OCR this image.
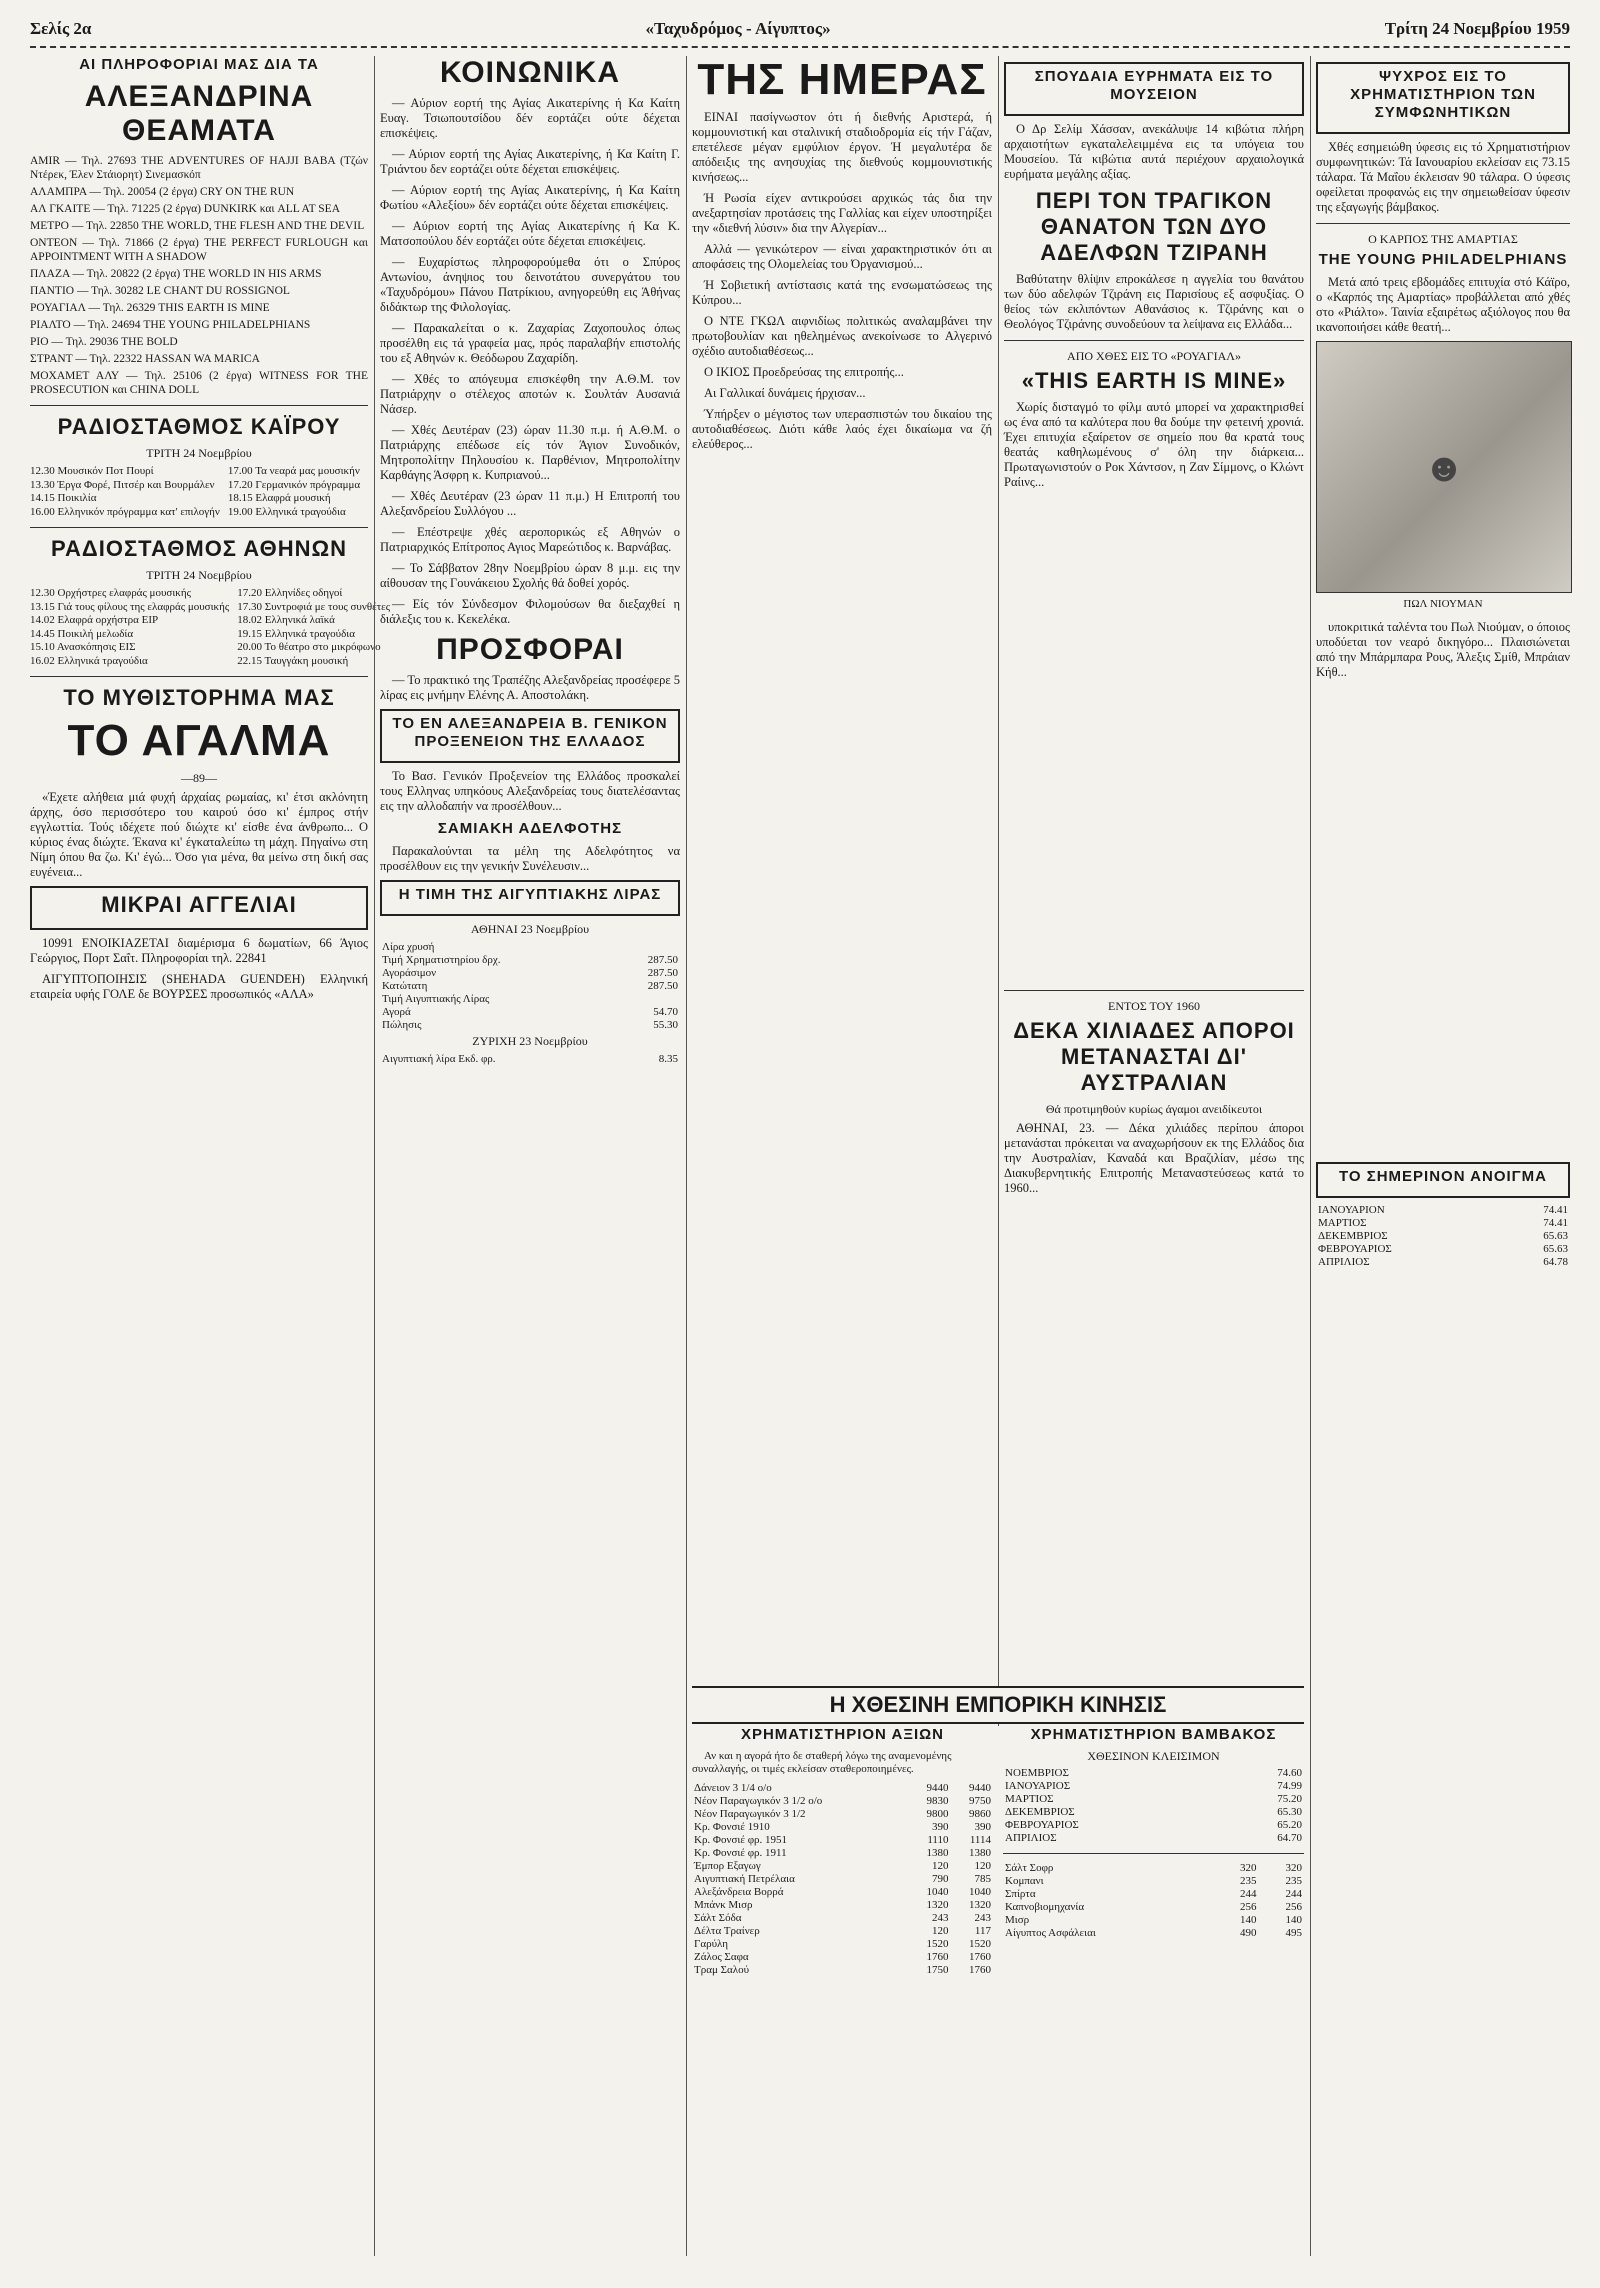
Σελίς 2α	«Ταχυδρόμος - Αίγυπτος»	Τρίτη 24 Νοεμβρίου 1959
ΑΙ ΠΛΗΡΟΦΟΡΙΑΙ ΜΑΣ ΔΙΑ ΤΑ
ΑΛΕΞΑΝΔΡΙΝΑ ΘΕΑΜΑΤΑ
AMIR — Τηλ. 27693 THE ADVENTURES OF HAJJI BABA (Τζών Ντέρεκ, Έλεν Στάιορητ) Σινεμασκόπ
ΑΛΑΜΠΡΑ — Τηλ. 20054 (2 έργα) CRY ON THE RUN
ΑΛ ΓΚΑΙΤΕ — Τηλ. 71225 (2 έργα) DUNKIRK και ALL AT SEA
ΜΕΤΡΟ — Τηλ. 22850 THE WORLD, THE FLESH AND THE DEVIL
ΟΝΤΕΟΝ — Τηλ. 71866 (2 έργα) THE PERFECT FURLOUGH και APPOINTMENT WITH A SHADOW
ΠΛΑΖΑ — Τηλ. 20822 (2 έργα) THE WORLD IN HIS ARMS
ΠΑΝΤΙΟ — Τηλ. 30282 LE CHANT DU ROSSIGNOL
ΡΟΥΑΓΙΑΛ — Τηλ. 26329 THIS EARTH IS MINE
ΡΙΑΛΤΟ — Τηλ. 24694 THE YOUNG PHILADELPHIANS
ΡΙΟ — Τηλ. 29036 THE BOLD
ΣΤΡΑΝΤ — Τηλ. 22322 HASSAN WA MARICA
ΜΟΧΑΜΕΤ ΑΛΥ — Τηλ. 25106 (2 έργα) WITNESS FOR THE PROSECUTION και CHINA DOLL
ΡΑΔΙΟΣΤΑΘΜΟΣ ΚΑΪΡΟΥ
ΤΡΙΤΗ 24 Νοεμβρίου
12.30 Μουσικόν Ποτ Πουρί	17.00 Τα νεαρά μας μουσικήν
13.30 Έργα Φορέ, Πιτσέρ και Βουρμάλεν	17.20 Γερμανικόν πρόγραμμα
14.15 Ποικιλία	18.15 Ελαφρά μουσική
16.00 Ελληνικόν πρόγραμμα κατ' επιλογήν 19.00 Ελληνικά τραγούδια
ΡΑΔΙΟΣΤΑΘΜΟΣ ΑΘΗΝΩΝ
ΤΡΙΤΗ 24 Νοεμβρίου
12.30 Ορχήστρες ελαφράς μουσικής	17.20 Ελληνίδες οδηγοί
13.15 Γιά τους φίλους της ελαφράς μουσικής 17.30 Συντροφιά με τους συνθέτες
14.02 Ελαφρά ορχήστρα EIP	18.02 Ελληνικά λαϊκά
14.45 Ποικιλή μελωδία	19.15 Ελληνικά τραγούδια
15.10 Ανασκόπησις ΕΙΣ	20.00 Το θέατρο στο μικρόφωνο
16.02 Ελληνικά τραγούδια	22.15 Ταυγγάκη μουσική
ΤΟ ΜΥΘΙΣΤΟΡΗΜΑ ΜΑΣ
ΤΟ ΑΓΑΛΜΑ
—89—

«Έχετε αλήθεια μιά φυχή άρχαίας ρωμαίας, κι' έτσι ακλόνητη άρχης, όσο περισσότερο του καιρού όσο κι' έμπρος στήν εγγλωττία. Τούς ιδέχετε πού διώχτε κι' είσθε ένα άνθρωπο... Ο κύριος ένας διώχτε. Έκανα κι' έγκαταλείπω τη μάχη. Πηγαίνω στη Νίμη όπου θα ζω. Κι' έγώ... Όσο για μένα, θα μείνω στη δική σας ευγένεια...

ΜΙΚΡΑΙ ΑΓΓΕΛΙΑΙ

10991 ΕΝΟΙΚΙΑΖΕΤΑΙ διαμέρισμα 6 δωματίων, 66 Άγιος Γεώργιος, Πορτ Σαΐτ. Πληροφορίαι τηλ. 22841

ΑΙΓΥΠΤΟΠΟΙΗΣΙΣ (SHEHADA GUENDEH) Ελληνική εταιρεία υφής ΓΟΛΕ δε ΒΟΥΡΣΕΣ προσωπικός «ΑΛΑ»

ΚΟΙΝΩΝΙΚΑ

— Αύριον εορτή της Αγίας Αικατερίνης ή Κα Καίτη Ευαγ. Τσιωπουτσίδου δέν εορτάζει ούτε δέχεται επισκέψεις.

— Αύριον εορτή της Αγίας Αικατερίνης, ή Κα Καίτη Γ. Τριάντου δεν εορτάζει ούτε δέχεται επισκέψεις.

— Αύριον εορτή της Αγίας Αικατερίνης, ή Κα Καίτη Φωτίου «Αλεξίου» δέν εορτάζει ούτε δέχεται επισκέψεις.

— Αύριον εορτή της Αγίας Αικατερίνης ή Κα Κ. Ματσοπούλου δέν εορτάζει ούτε δέχεται επισκέψεις.

— Ευχαρίστως πληροφορούμεθα ότι ο Σπύρος Αντωνίου, άνηψιος του δεινοτάτου συνεργάτου του «Ταχυδρόμου» Πάνου Πατρίκιου, ανηγορεύθη εις Άθήνας διδάκτωρ της Φιλολογίας.

— Παρακαλείται ο κ. Ζαχαρίας Ζαχοπουλος όπως προσέλθη εις τά γραφεία μας, πρός παραλαβήν επιστολής του εξ Αθηνών κ. Θεόδωρου Ζαχαρίδη.

— Χθές το απόγευμα επισκέφθη την Α.Θ.Μ. τον Πατριάρχην ο στέλεχος αποτών κ. Σουλτάν Αυσανιά Νάσερ.

— Χθές Δευτέραν (23) ώραν 11.30 π.μ. ή Α.Θ.Μ. ο Πατριάρχης επέδωσε είς τόν Άγιον Συνοδικόν, Μητροπολίτην Πηλουσίου κ. Παρθένιον, Μητροπολίτην Καρθάγης Άσφρη κ. Κυπριανού...

— Χθές Δευτέραν (23 ώραν 11 π.μ.) Η Επιτροπή του Αλεξανδρείου Συλλόγου ...

— Επέστρεψε χθές αεροπορικώς εξ Αθηνών ο Πατριαρχικός Επίτροπος Αγιος Μαρεώτιδος κ. Βαρνάβας.

— Το Σάββατον 28ην Νοεμβρίου ώραν 8 μ.μ. εις την αίθουσαν της Γουνάκειου Σχολής θά δοθεί χορός.

— Είς τόν Σύνδεσμον Φιλομούσων θα διεξαχθεί η διάλεξις του κ. Κεκελέκα.

ΠΡΟΣΦΟΡΑΙ

— Το πρακτικό της Τραπέζης Αλεξανδρείας προσέφερε 5 λίρας εις μνήμην Ελένης Α. Αποστολάκη.

ΤΟ ΕΝ ΑΛΕΞΑΝΔΡΕΙΑ Β. ΓΕΝΙΚΟΝ ΠΡΟΞΕΝΕΙΟΝ ΤΗΣ ΕΛΛΑΔΟΣ

Το Βασ. Γενικόν Προξενείον της Ελλάδος προσκαλεί τους Ελληνας υπηκόους Αλεξανδρείας τους διατελέσαντας εις την αλλοδαπήν να προσέλθουν...

ΣΑΜΙΑΚΗ ΑΔΕΛΦΟΤΗΣ

Παρακαλούνται τα μέλη της Αδελφότητος να προσέλθουν εις την γενικήν Συνέλευσιν...

Η ΤΙΜΗ ΤΗΣ ΑΙΓΥΠΤΙΑΚΗΣ ΛΙΡΑΣ
ΑΘΗΝΑΙ 23 Νοεμβρίου
Λίρα χρυσή	
Τιμή Χρηματιστηρίου δρχ.	287.50
Αγοράσιμον	287.50
Κατώτατη	287.50
Τιμή Αιγυπτιακής Λίρας	
Αγορά	54.70
Πώλησις	55.30
ΖΥΡΙΧΗ 23 Νοεμβρίου
Αιγυπτιακή λίρα Εκδ. φρ.	8.35
ΤΗΣ ΗΜΕΡΑΣ

ΕΙΝΑΙ πασίγνωστον ότι ή διεθνής Αριστερά, ή κομμουνιστική και σταλινική σταδιοδρομία είς τήν Γάζαν, επετέλεσε μέγαν εμφύλιον έργον. Ή μεγαλυτέρα δε απόδειξις της ανησυχίας της διεθνούς κομμουνιστικής κινήσεως...

Ή Ρωσία είχεν αντικρούσει αρχικώς τάς δια την ανεξαρτησίαν προτάσεις της Γαλλίας και είχεν υποστηρίξει την «διεθνή λύσιν» δια την Αλγερίαν...

Αλλά — γενικώτερον — είναι χαρακτηριστικόν ότι αι αποφάσεις της Ολομελείας του Όργανισμού...

Ή Σοβιετική αντίστασις κατά της ενσωματώσεως της Κύπρου...

Ο ΝΤΕ ΓΚΩΛ αιφνιδίως πολιτικώς αναλαμβάνει την πρωτοβουλίαν και ηθελημένως ανεκοίνωσε το Αλγερινό σχέδιο αυτοδιαθέσεως...

Ο ΙΚΙΟΣ Προεδρεύσας της επιτροπής...

Αι Γαλλικαί δυνάμεις ήρχισαν...

Ύπήρξεν ο μέγιστος των υπερασπιστών του δικαίου της αυτοδιαθέσεως. Διότι κάθε λαός έχει δικαίωμα να ζή ελεύθερος...

ΣΠΟΥΔΑΙΑ ΕΥΡΗΜΑΤΑ ΕΙΣ ΤΟ ΜΟΥΣΕΙΟΝ

Ο Δρ Σελίμ Χάσσαν, ανεκάλυψε 14 κιβώτια πλήρη αρχαιοτήτων εγκαταλελειμμένα εις τα υπόγεια του Μουσείου. Τά κιβώτια αυτά περιέχουν αρχαιολογικά ευρήματα μεγάλης αξίας.

ΠΕΡΙ ΤΟΝ ΤΡΑΓΙΚΟΝ ΘΑΝΑΤΟΝ ΤΩΝ ΔΥΟ ΑΔΕΛΦΩΝ ΤΖΙΡΑΝΗ

Βαθύτατην θλίψιν επροκάλεσε η αγγελία του θανάτου των δύο αδελφών Τζιράνη εις Παρισίους εξ ασφυξίας. Ο θείος τών εκλιπόντων Αθανάσιος κ. Τζιράνης και ο Θεολόγος Τζιράνης συνοδεύουν τα λείψανα εις Ελλάδα...

ΑΠΟ ΧΘΕΣ ΕΙΣ ΤΟ «ΡΟΥΑΓΙΑΛ»
«THIS EARTH IS MINE»

Χωρίς δισταγμό το φίλμ αυτό μπορεί να χαρακτηρισθεί ως ένα από τα καλύτερα που θα δούμε την φετεινή χρονιά. Έχει επιτυχία εξαίρετον σε σημείο που θα κρατά τους θεατάς καθηλωμένους σ' όλη την διάρκεια... Πρωταγωνιστούν ο Ροκ Χάντσον, η Ζαν Σίμμονς, ο Κλώντ Ραίινς...

ΕΝΤΟΣ ΤΟΥ 1960
ΔΕΚΑ ΧΙΛΙΑΔΕΣ ΑΠΟΡΟΙ ΜΕΤΑΝΑΣΤΑΙ ΔΙ' ΑΥΣΤΡΑΛΙΑΝ
Θά προτιμηθούν κυρίως άγαμοι ανειδίκευτοι

ΑΘΗΝΑΙ, 23. — Δέκα χιλιάδες περίπου άποροι μετανάσται πρόκειται να αναχωρήσουν εκ της Ελλάδος δια την Αυστραλίαν, Καναδά και Βραζιλίαν, μέσω της Διακυβερνητικής Επιτροπής Μεταναστεύσεως κατά το 1960...

ΨΥΧΡΟΣ ΕΙΣ ΤΟ ΧΡΗΜΑΤΙΣΤΗΡΙΟΝ ΤΩΝ ΣΥΜΦΩΝΗΤΙΚΩΝ

Χθές εσημειώθη ύφεσις εις τό Χρηματιστήριον συμφωνητικών: Τά Ιανουαρίου εκλείσαν εις 73.15 τάλαρα. Τά Μαΐου έκλεισαν 90 τάλαρα. Ο ύφεσις οφείλεται προφανώς εις την σημειωθείσαν ύφεσιν της εξαγωγής βάμβακος.

Ο ΚΑΡΠΟΣ ΤΗΣ ΑΜΑΡΤΙΑΣ
THE YOUNG PHILADELPHIANS

Μετά από τρεις εβδομάδες επιτυχία στό Κάϊρο, ο «Καρπός της Αμαρτίας» προβάλλεται από χθές στο «Ριάλτο». Ταινία εξαιρέτως αξιόλογος που θα ικανοποιήσει κάθε θεατή...

☻
ΠΩΛ ΝΙΟΥΜΑΝ

υποκριτικά ταλέντα του Πωλ Νιούμαν, ο όποιος υποδύεται τον νεαρό δικηγόρο... Πλαισιώνεται από την Μπάρμπαρα Ρους, Άλεξις Σμίθ, Μπράιαν Κήθ...

ΤΟ ΣΗΜΕΡΙΝΟΝ ΑΝΟΙΓΜΑ
ΙΑΝΟΥΑΡΙΟΝ	74.41
ΜΑΡΤΙΟΣ	74.41
ΔΕΚΕΜΒΡΙΟΣ	65.63
ΦΕΒΡΟΥΑΡΙΟΣ	65.63
ΑΠΡΙΛΙΟΣ	64.78
Η ΧΘΕΣΙΝΗ ΕΜΠΟΡΙΚΗ ΚΙΝΗΣΙΣ
ΧΡΗΜΑΤΙΣΤΗΡΙΟΝ ΑΞΙΩΝ

Αν και η αγορά ήτο δε σταθερή λόγω της αναμενομένης συναλλαγής, οι τιμές εκλείσαν σταθεροποιημένες.

Δάνειον 3 1/4 ο/ο	9440	9440
Νέον Παραγωγικόν 3 1/2 ο/ο	9830	9750
Νέον Παραγωγικόν 3 1/2	9800	9860
Κρ. Φονσιέ 1910	390	390
Κρ. Φονσιέ φρ. 1951	1110	1114
Κρ. Φονσιέ φρ. 1911	1380	1380
Έμπορ Εξαγωγ	120	120
Αιγυπτιακή Πετρέλαια	790	785
Αλεξάνδρεια Βορρά	1040	1040
Μπάνκ Μισρ	1320	1320
Σάλτ Σόδα	243	243
Δέλτα Τραίνερ	120	117
Γαρύλη	1520	1520
Ζάλος Σαφα	1760	1760
Τραμ Σαλού	1750	1760
ΧΡΗΜΑΤΙΣΤΗΡΙΟΝ ΒΑΜΒΑΚΟΣ
ΧΘΕΣΙΝΟΝ ΚΛΕΙΣΙΜΟΝ
ΝΟΕΜΒΡΙΟΣ	74.60
ΙΑΝΟΥΑΡΙΟΣ	74.99
ΜΑΡΤΙΟΣ	75.20
ΔΕΚΕΜΒΡΙΟΣ	65.30
ΦΕΒΡΟΥΑΡΙΟΣ	65.20
ΑΠΡΙΛΙΟΣ	64.70
Σάλτ Σοφρ	320	320
Κομπανι	235	235
Σπίρτα	244	244
Καπνοβιομηχανία	256	256
Μισρ	140	140
Αίγυπτος Ασφάλειαι	490	495
